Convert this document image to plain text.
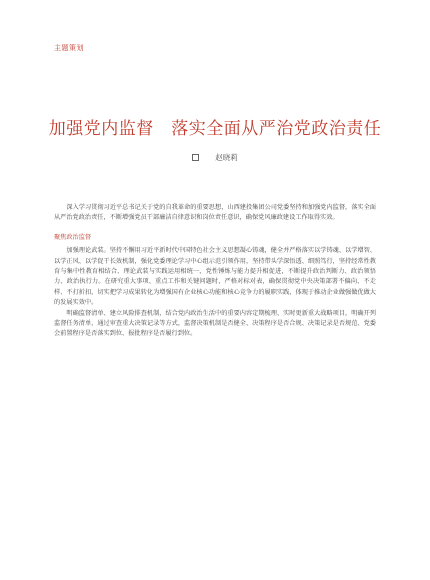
主题策划
加强党内监督　落实全面从严治党政治责任
赵晓莉

深入学习贯彻习近平总书记关于党的自我革命的重要思想，山西建投集团公司党委坚持和加强党内监督，落实全面从严治党政治责任，不断增强党员干部廉洁自律意识和岗位责任意识，确保党风廉政建设工作取得实效。

聚焦政治监督

加强理论武装。坚持不懈用习近平新时代中国特色社会主义思想凝心铸魂，健全并严格落实以学铸魂、以学增智、以学正风、以学促干长效机制，强化党委理论学习中心组示范引领作用，坚持带头学深悟透、细照笃行，坚持经常性教育与集中性教育相结合、理论武装与实践运用相统一，党性锤炼与能力提升相促进，不断提升政治判断力、政治领悟力、政治执行力。在研究重大事项、重点工作和关键问题时，严格对标对表，确保贯彻党中央决策部署不偏向、不走样、不打折扣，切实把学习成果转化为增强国有企业核心功能和核心竞争力的履职实践，体现于推动企业做强做优做大的发展实效中。

明确监督清单、建立风险排查机制，结合党内政治生活中的重要内容定期梳理、实时更新重大战略项目，明确开列监督任务清单，通过审查重大决策记录等方式，监督决策机制是否健全、决策程序是否合规、决策记录是否规范、党委会前置程序是否落实到位、报批程序是否履行到位。
